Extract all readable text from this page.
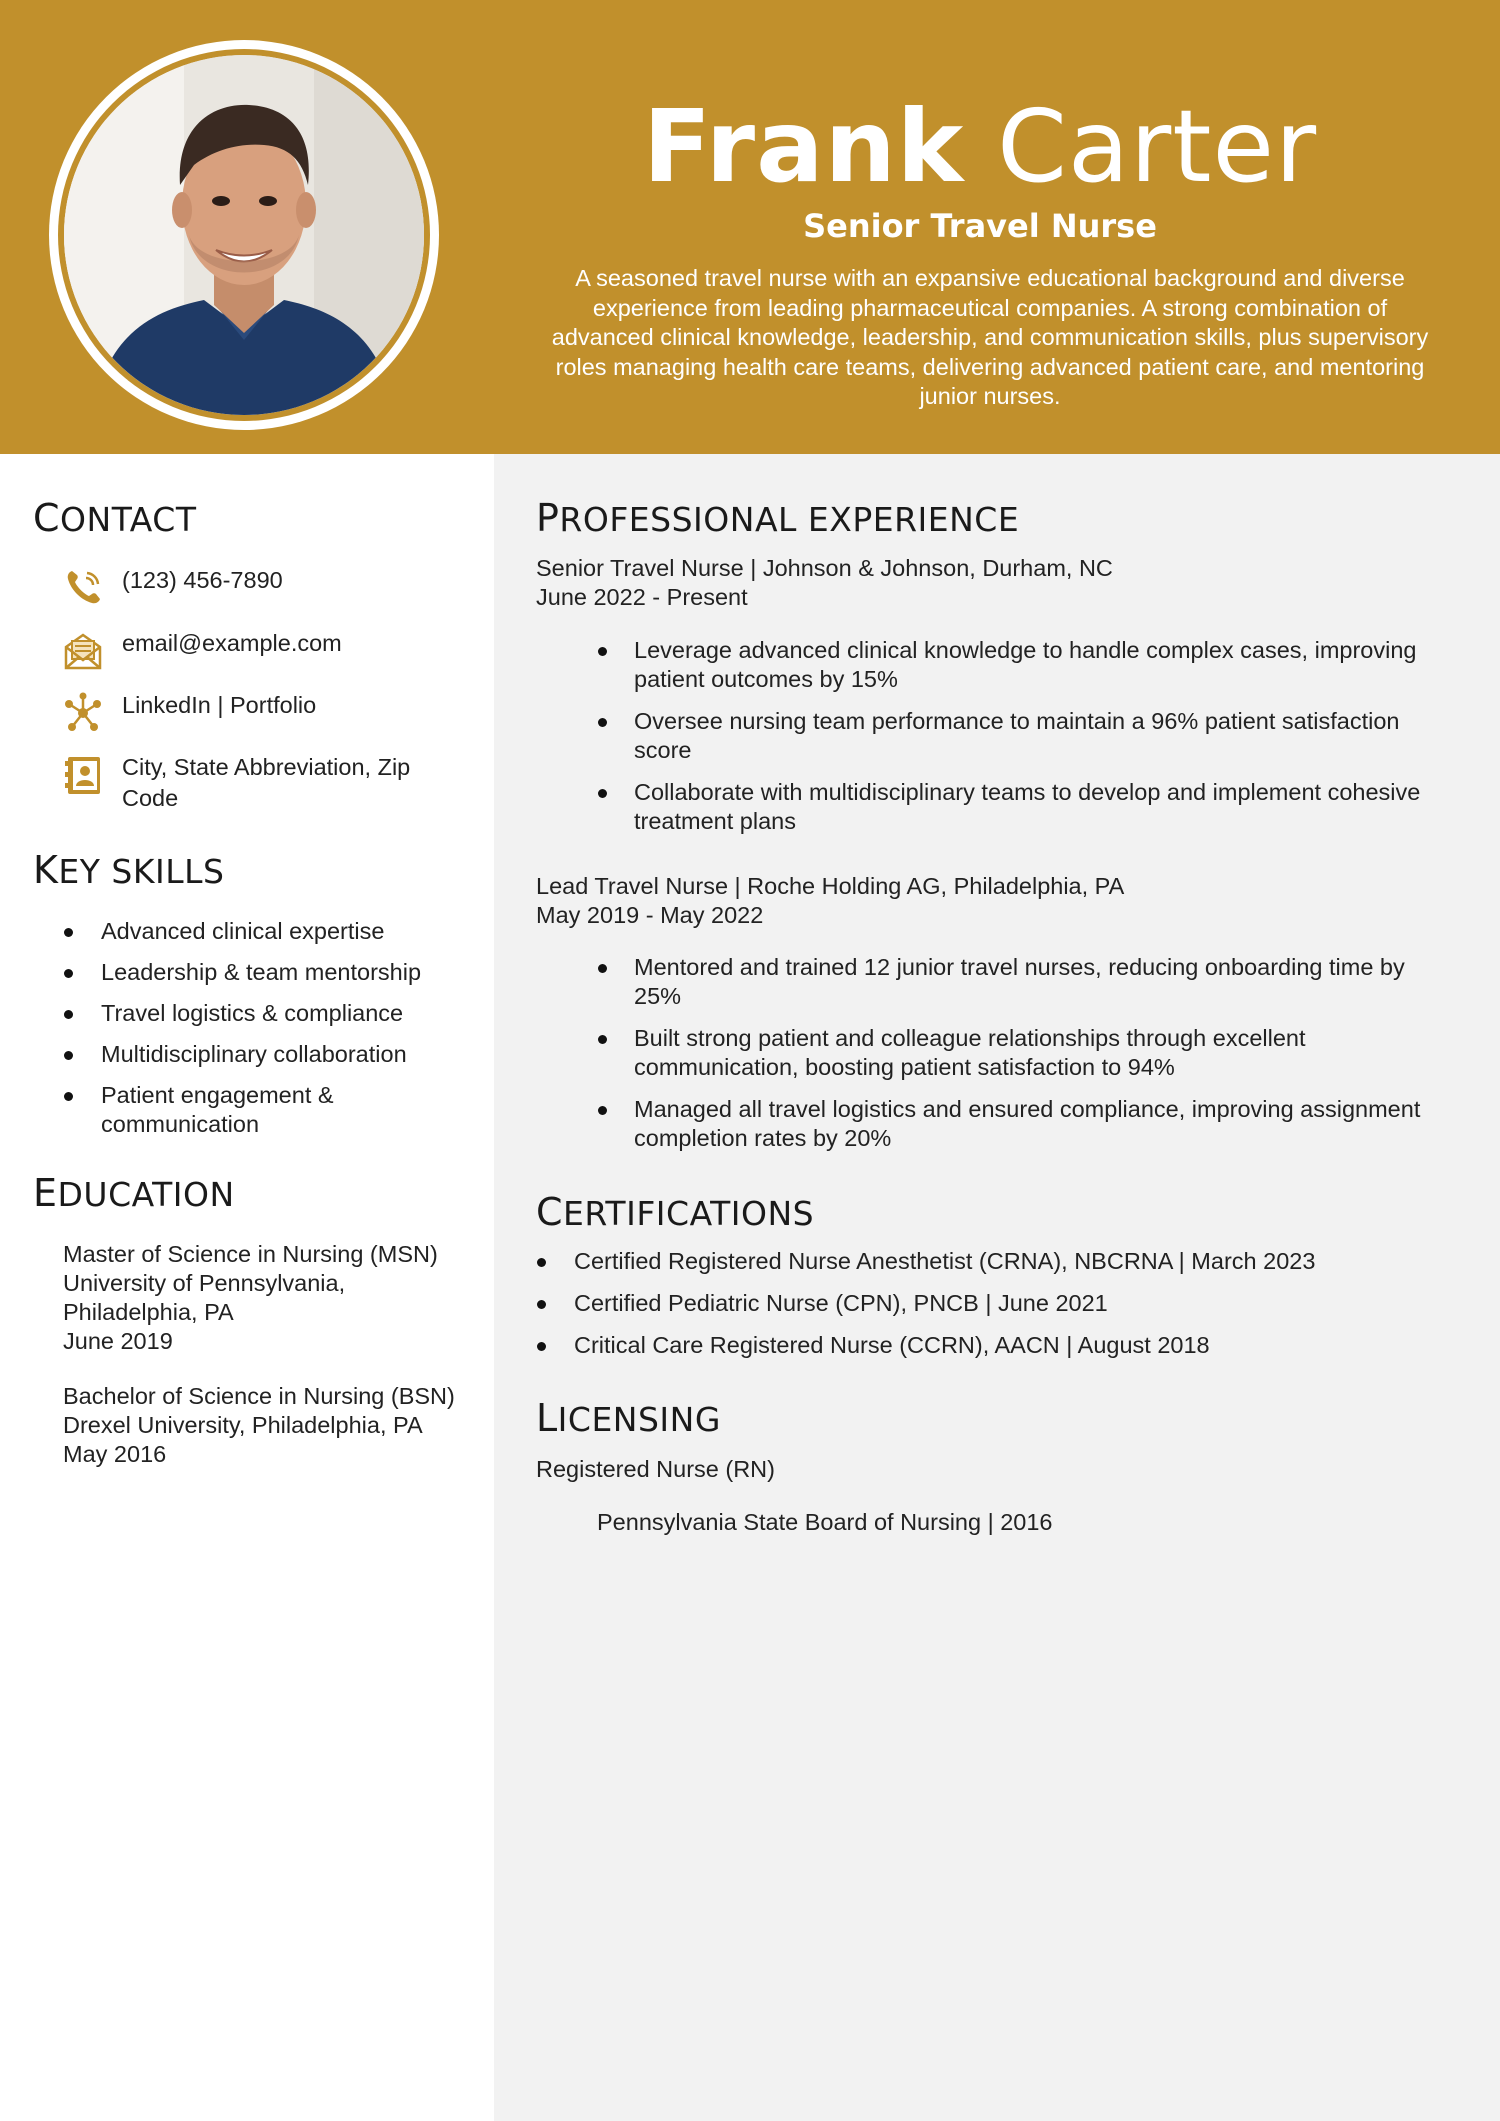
Frank Carter
Senior Travel Nurse
A seasoned travel nurse with an expansive educational background and diverse experience from leading pharmaceutical companies. A strong combination of advanced clinical knowledge, leadership, and communication skills, plus supervisory roles managing health care teams, delivering advanced patient care, and mentoring junior nurses.
CONTACT
(123) 456-7890
email@example.com
LinkedIn | Portfolio
City, State Abbreviation, Zip Code
KEY SKILLS
Advanced clinical expertise
Leadership & team mentorship
Travel logistics & compliance
Multidisciplinary collaboration
Patient engagement & communication
EDUCATION
Master of Science in Nursing (MSN)
University of Pennsylvania, Philadelphia, PA
June 2019
Bachelor of Science in Nursing (BSN)
Drexel University, Philadelphia, PA
May 2016
PROFESSIONAL EXPERIENCE
Senior Travel Nurse | Johnson & Johnson, Durham, NC
June 2022 - Present
Leverage advanced clinical knowledge to handle complex cases, improving patient outcomes by 15%
Oversee nursing team performance to maintain a 96% patient satisfaction score
Collaborate with multidisciplinary teams to develop and implement cohesive treatment plans
Lead Travel Nurse | Roche Holding AG, Philadelphia, PA
May 2019 - May 2022
Mentored and trained 12 junior travel nurses, reducing onboarding time by 25%
Built strong patient and colleague relationships through excellent communication, boosting patient satisfaction to 94%
Managed all travel logistics and ensured compliance, improving assignment completion rates by 20%
CERTIFICATIONS
Certified Registered Nurse Anesthetist (CRNA), NBCRNA | March 2023
Certified Pediatric Nurse (CPN), PNCB | June 2021
Critical Care Registered Nurse (CCRN), AACN | August 2018
LICENSING
Registered Nurse (RN)
Pennsylvania State Board of Nursing | 2016
